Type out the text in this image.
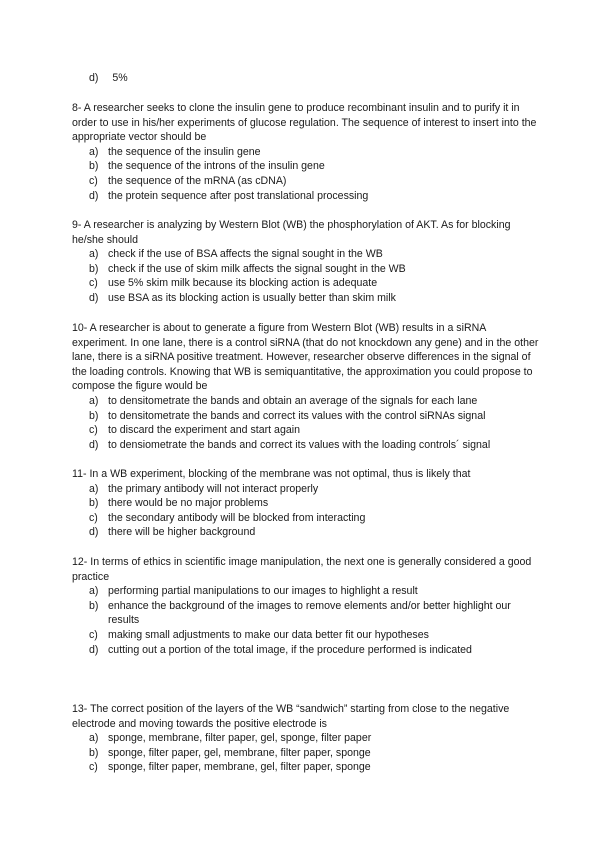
d) 5%

8- A researcher seeks to clone the insulin gene to produce recombinant insulin and to purify it in order to use in his/her experiments of glucose regulation. The sequence of interest to insert into the appropriate vector should be

a) the sequence of the insulin gene
b) the sequence of the introns of the insulin gene
c) the sequence of the mRNA (as cDNA)
d) the protein sequence after post translational processing

9- A researcher is analyzing by Western Blot (WB) the phosphorylation of AKT. As for blocking he/she should

a) check if the use of BSA affects the signal sought in the WB
b) check if the use of skim milk affects the signal sought in the WB
c) use 5% skim milk because its blocking action is adequate
d) use BSA as its blocking action is usually better than skim milk

10- A researcher is about to generate a figure from Western Blot (WB) results in a siRNA experiment. In one lane, there is a control siRNA (that do not knockdown any gene) and in the other lane, there is a siRNA positive treatment. However, researcher observe differences in the signal of the loading controls. Knowing that WB is semiquantitative, the approximation you could propose to compose the figure would be

a) to densitometrate the bands and obtain an average of the signals for each lane
b) to densitometrate the bands and correct its values with the control siRNAs signal
c) to discard the experiment and start again
d) to densiometrate the bands and correct its values with the loading controls´ signal

11- In a WB experiment, blocking of the membrane was not optimal, thus is likely that

a) the primary antibody will not interact properly
b) there would be no major problems
c) the secondary antibody will be blocked from interacting
d) there will be higher background

12- In terms of ethics in scientific image manipulation, the next one is generally considered a good practice

a) performing partial manipulations to our images to highlight a result
b) enhance the background of the images to remove elements and/or better highlight our results
c) making small adjustments to make our data better fit our hypotheses
d) cutting out a portion of the total image, if the procedure performed is indicated

13- The correct position of the layers of the WB “sandwich” starting from close to the negative electrode and moving towards the positive electrode is

a) sponge, membrane, filter paper, gel, sponge, filter paper
b) sponge, filter paper, gel, membrane, filter paper, sponge
c) sponge, filter paper, membrane, gel, filter paper, sponge
